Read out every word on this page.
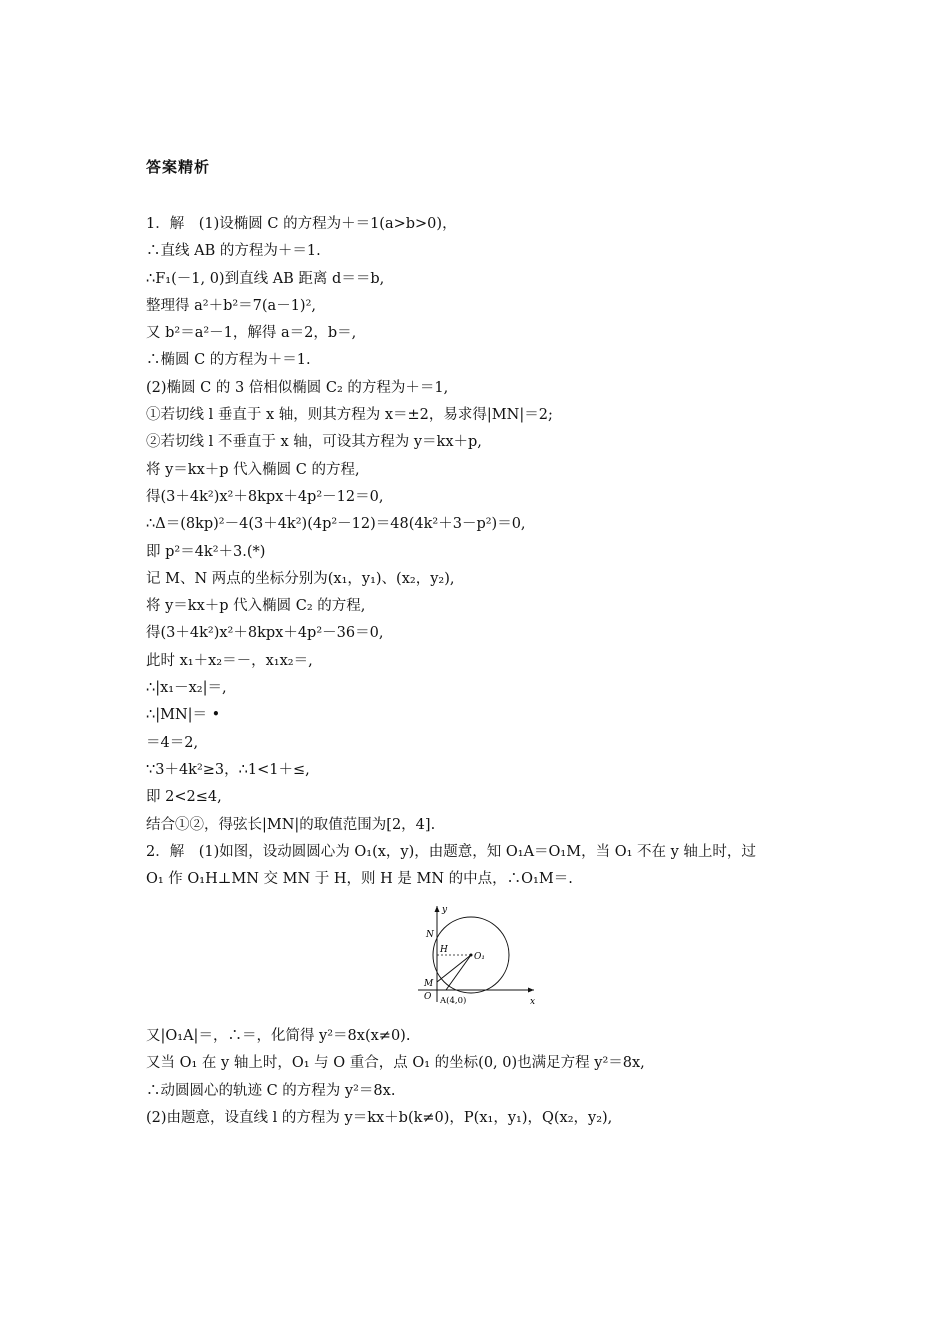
答案精析
1．解　(1)设椭圆 C 的方程为＋＝1(a>b>0)，
∴直线 AB 的方程为＋＝1.
∴F₁(－1, 0)到直线 AB 距离 d＝＝b,
整理得 a²＋b²＝7(a－1)²,
又 b²＝a²－1，解得 a＝2，b＝,
∴椭圆 C 的方程为＋＝1.
(2)椭圆 C 的 3 倍相似椭圆 C₂ 的方程为＋＝1,
①若切线 l 垂直于 x 轴，则其方程为 x＝±2，易求得|MN|＝2;
②若切线 l 不垂直于 x 轴，可设其方程为 y＝kx＋p,
将 y＝kx＋p 代入椭圆 C 的方程,
得(3＋4k²)x²＋8kpx＋4p²－12＝0,
∴Δ＝(8kp)²－4(3＋4k²)(4p²－12)＝48(4k²＋3－p²)＝0,
即 p²＝4k²＋3.(*)
记 M、N 两点的坐标分别为(x₁，y₁)、(x₂，y₂),
将 y＝kx＋p 代入椭圆 C₂ 的方程,
得(3＋4k²)x²＋8kpx＋4p²－36＝0,
此时 x₁＋x₂＝－，x₁x₂＝,
∴|x₁－x₂|＝,
∴|MN|＝ •
＝4＝2,
∵3＋4k²≥3，∴1<1＋≤,
即 2<2≤4,
结合①②，得弦长|MN|的取值范围为[2，4].
2．解　(1)如图，设动圆圆心为 O₁(x，y)，由题意，知 O₁A＝O₁M，当 O₁ 不在 y 轴上时，过
O₁ 作 O₁H⊥MN 交 MN 于 H，则 H 是 MN 的中点，∴O₁M＝.
y
x
N
H
O₁
M
O A(4,0)
又|O₁A|＝，∴＝，化简得 y²＝8x(x≠0).
又当 O₁ 在 y 轴上时，O₁ 与 O 重合，点 O₁ 的坐标(0, 0)也满足方程 y²＝8x,
∴动圆圆心的轨迹 C 的方程为 y²＝8x.
(2)由题意，设直线 l 的方程为 y＝kx＋b(k≠0)，P(x₁，y₁)，Q(x₂，y₂),
